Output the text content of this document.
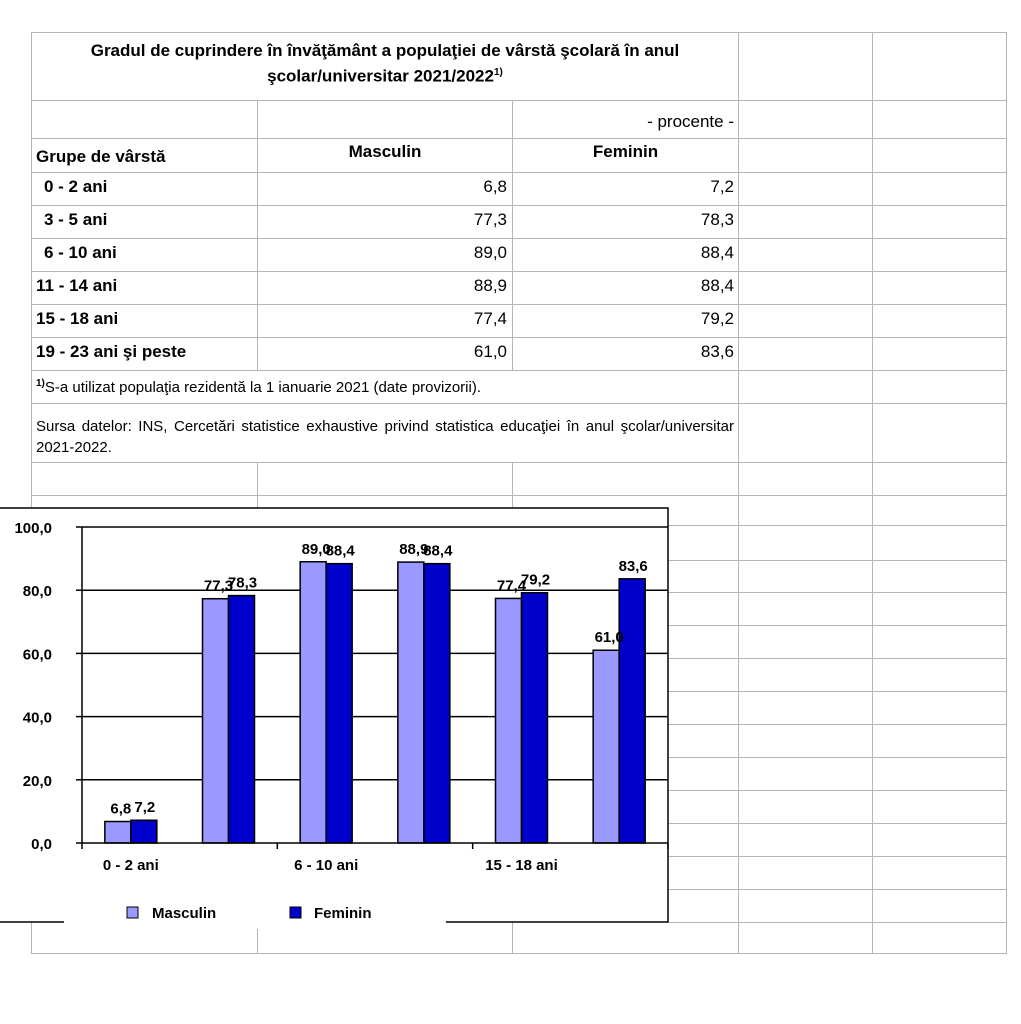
Gradul de cuprindere în învăţământ a populaţiei de vârstă şcolară în anul
şcolar/universitar 2021/2022$^{1)}$
- procente -
Grupe de vârstă	Masculin	Feminin
0 - 2 ani	6,8	7,2
3 - 5 ani	77,3	78,3
6 - 10 ani	89,0	88,4
11 - 14 ani	88,9	88,4
15 - 18 ani	77,4	79,2
19 - 23 ani şi peste	61,0	83,6
$^{1)}$S-a utilizat populaţia rezidentă la 1 ianuarie 2021 (date provizorii).
Sursa datelor: INS, Cercetări statistice exhaustive privind statistica educaţiei în anul şcolar/universitar 2021-2022.
0,0
20,0
40,0
60,0
80,0
100,0
0 - 2 ani	6 - 10 ani	15 - 18 ani
6,8 7,2
77,3
78,3
89,0
88,4	88,9
88,4
77,4
79,2
61,0
83,6
Masculin	Feminin
